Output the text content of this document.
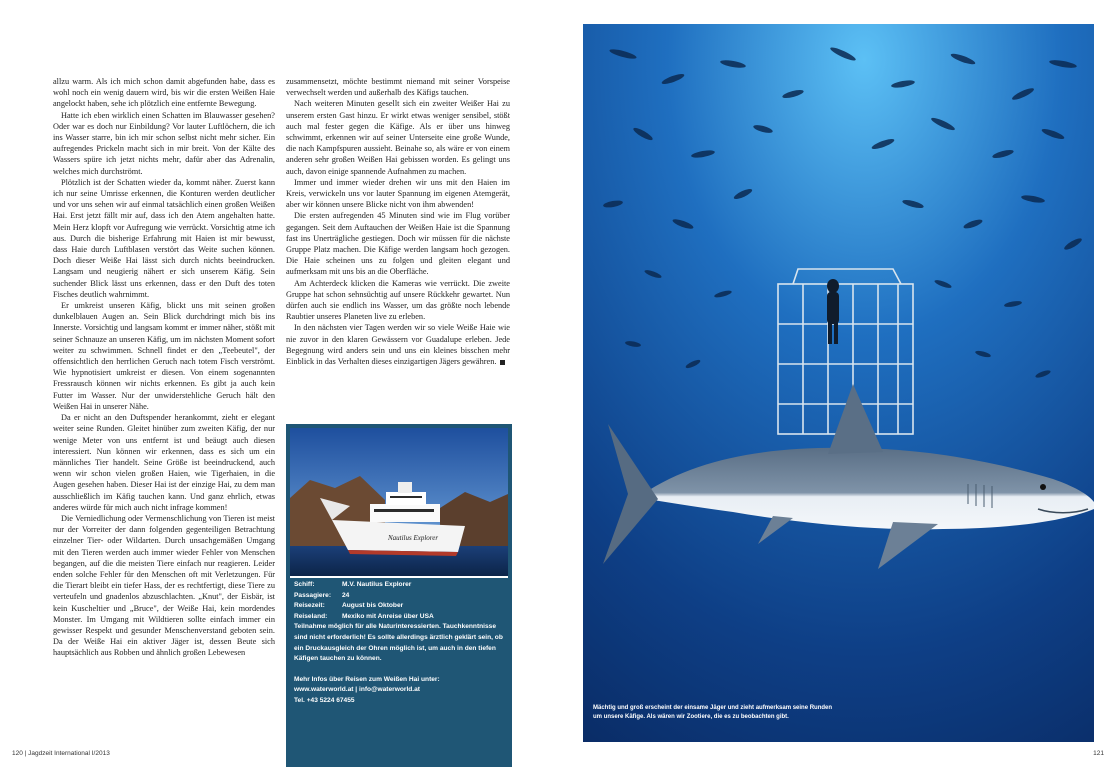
allzu warm. Als ich mich schon damit abgefunden habe, dass es wohl noch ein wenig dauern wird, bis wir die ersten Weißen Haie angelockt haben, sehe ich plötzlich eine entfernte Bewegung.

Hatte ich eben wirklich einen Schatten im Blauwasser gesehen? Oder war es doch nur Einbildung? Vor lauter Luftlöchern, die ich ins Wasser starre, bin ich mir schon selbst nicht mehr sicher. Ein aufregendes Prickeln macht sich in mir breit. Von der Kälte des Wassers spüre ich jetzt nichts mehr, dafür aber das Adrenalin, welches mich durchströmt.

Plötzlich ist der Schatten wieder da, kommt näher. Zuerst kann ich nur seine Umrisse erkennen, die Konturen werden deutlicher und vor uns sehen wir auf einmal tatsächlich einen großen Weißen Hai. Erst jetzt fällt mir auf, dass ich den Atem angehalten hatte. Mein Herz klopft vor Aufregung wie verrückt. Vorsichtig atme ich aus. Durch die bisherige Erfahrung mit Haien ist mir bewusst, dass Haie durch Luftblasen verstört das Weite suchen können. Doch dieser Weiße Hai lässt sich durch nichts beeindrucken. Langsam und neugierig nähert er sich unserem Käfig. Sein suchender Blick lässt uns erkennen, dass er den Duft des toten Fisches deutlich wahrnimmt.

Er umkreist unseren Käfig, blickt uns mit seinen großen dunkelblauen Augen an. Sein Blick durchdringt mich bis ins Innerste. Vorsichtig und langsam kommt er immer näher, stößt mit seiner Schnauze an unseren Käfig, um im nächsten Moment sofort weiter zu schwimmen. Schnell findet er den „Teebeutel", der offensichtlich den herrlichen Geruch nach totem Fisch verströmt. Wie hypnotisiert umkreist er diesen. Von einem sogenannten Fressrausch können wir nichts erkennen. Es gibt ja auch kein Futter im Wasser. Nur der unwiderstehliche Geruch hält den Weißen Hai in unserer Nähe.

Da er nicht an den Duftspender herankommt, zieht er elegant weiter seine Runden. Gleitet hinüber zum zweiten Käfig, der nur wenige Meter von uns entfernt ist und beäugt auch diesen interessiert. Nun können wir erkennen, dass es sich um ein männliches Tier handelt. Seine Größe ist beeindruckend, auch wenn wir schon vielen großen Haien, wie Tigerhaien, in die Augen gesehen haben. Dieser Hai ist der einzige Hai, zu dem man ausschließlich im Käfig tauchen kann. Und ganz ehrlich, etwas anderes würde für mich auch nicht infrage kommen!

Die Verniedlichung oder Vermenschlichung von Tieren ist meist nur der Vorreiter der dann folgenden gegenteiligen Betrachtung einzelner Tier- oder Wildarten. Durch unsachgemäßen Umgang mit den Tieren werden auch immer wieder Fehler von Menschen begangen, auf die die meisten Tiere einfach nur reagieren. Leider enden solche Fehler für den Menschen oft mit Verletzungen. Für die Tierart bleibt ein tiefer Hass, der es rechtfertigt, diese Tiere zu verteufeln und gnadenlos abzuschlachten. „Knut", der Eisbär, ist kein Kuscheltier und „Bruce", der Weiße Hai, kein mordendes Monster. Im Umgang mit Wildtieren sollte einfach immer ein gewisser Respekt und gesunder Menschenverstand geboten sein. Da der Weiße Hai ein aktiver Jäger ist, dessen Beute sich hauptsächlich aus Robben und ähnlich großen Lebewesen

zusammensetzt, möchte bestimmt niemand mit seiner Vorspeise verwechselt werden und außerhalb des Käfigs tauchen.

Nach weiteren Minuten gesellt sich ein zweiter Weißer Hai zu unserem ersten Gast hinzu. Er wirkt etwas weniger sensibel, stößt auch mal fester gegen die Käfige. Als er über uns hinweg schwimmt, erkennen wir auf seiner Unterseite eine große Wunde, die nach Kampfspuren aussieht. Beinahe so, als wäre er von einem anderen sehr großen Weißen Hai gebissen worden. Es gelingt uns auch, davon einige spannende Aufnahmen zu machen.

Immer und immer wieder drehen wir uns mit den Haien im Kreis, verwickeln uns vor lauter Spannung im eigenen Atemgerät, aber wir können unsere Blicke nicht von ihm abwenden!

Die ersten aufregenden 45 Minuten sind wie im Flug vorüber gegangen. Seit dem Auftauchen der Weißen Haie ist die Spannung fast ins Unerträgliche gestiegen. Doch wir müssen für die nächste Gruppe Platz machen. Die Käfige werden langsam hoch gezogen. Die Haie scheinen uns zu folgen und gleiten elegant und aufmerksam mit uns bis an die Oberfläche.

Am Achterdeck klicken die Kameras wie verrückt. Die zweite Gruppe hat schon sehnsüchtig auf unsere Rückkehr gewartet. Nun dürfen auch sie endlich ins Wasser, um das größte noch lebende Raubtier unseres Planeten live zu erleben.

In den nächsten vier Tagen werden wir so viele Weiße Haie wie nie zuvor in den klaren Gewässern vor Guadalupe erleben. Jede Begegnung wird anders sein und uns ein kleines bisschen mehr Einblick in das Verhalten dieses einzigartigen Jägers gewähren.

Nautilus Explorer
Schiff:	M.V. Nautilus Explorer
Passagiere:	24
Reisezeit:	August bis Oktober
Reiseland:	Mexiko mit Anreise über USA
Teilnahme möglich für alle Naturinteressierten. Tauchkenntnisse sind nicht erforderlich! Es sollte allerdings ärztlich geklärt sein, ob ein Druckausgleich der Ohren möglich ist, um auch in den tiefen Käfigen tauchen zu können.
Mehr Infos über Reisen zum Weißen Hai unter:
www.waterworld.at | info@waterworld.at
Tel. +43 5224 67455
120 | Jagdzeit International I/2013
Mächtig und groß erscheint der einsame Jäger und zieht aufmerksam seine Runden um unsere Käfige. Als wären wir Zootiere, die es zu beobachten gibt.
121
